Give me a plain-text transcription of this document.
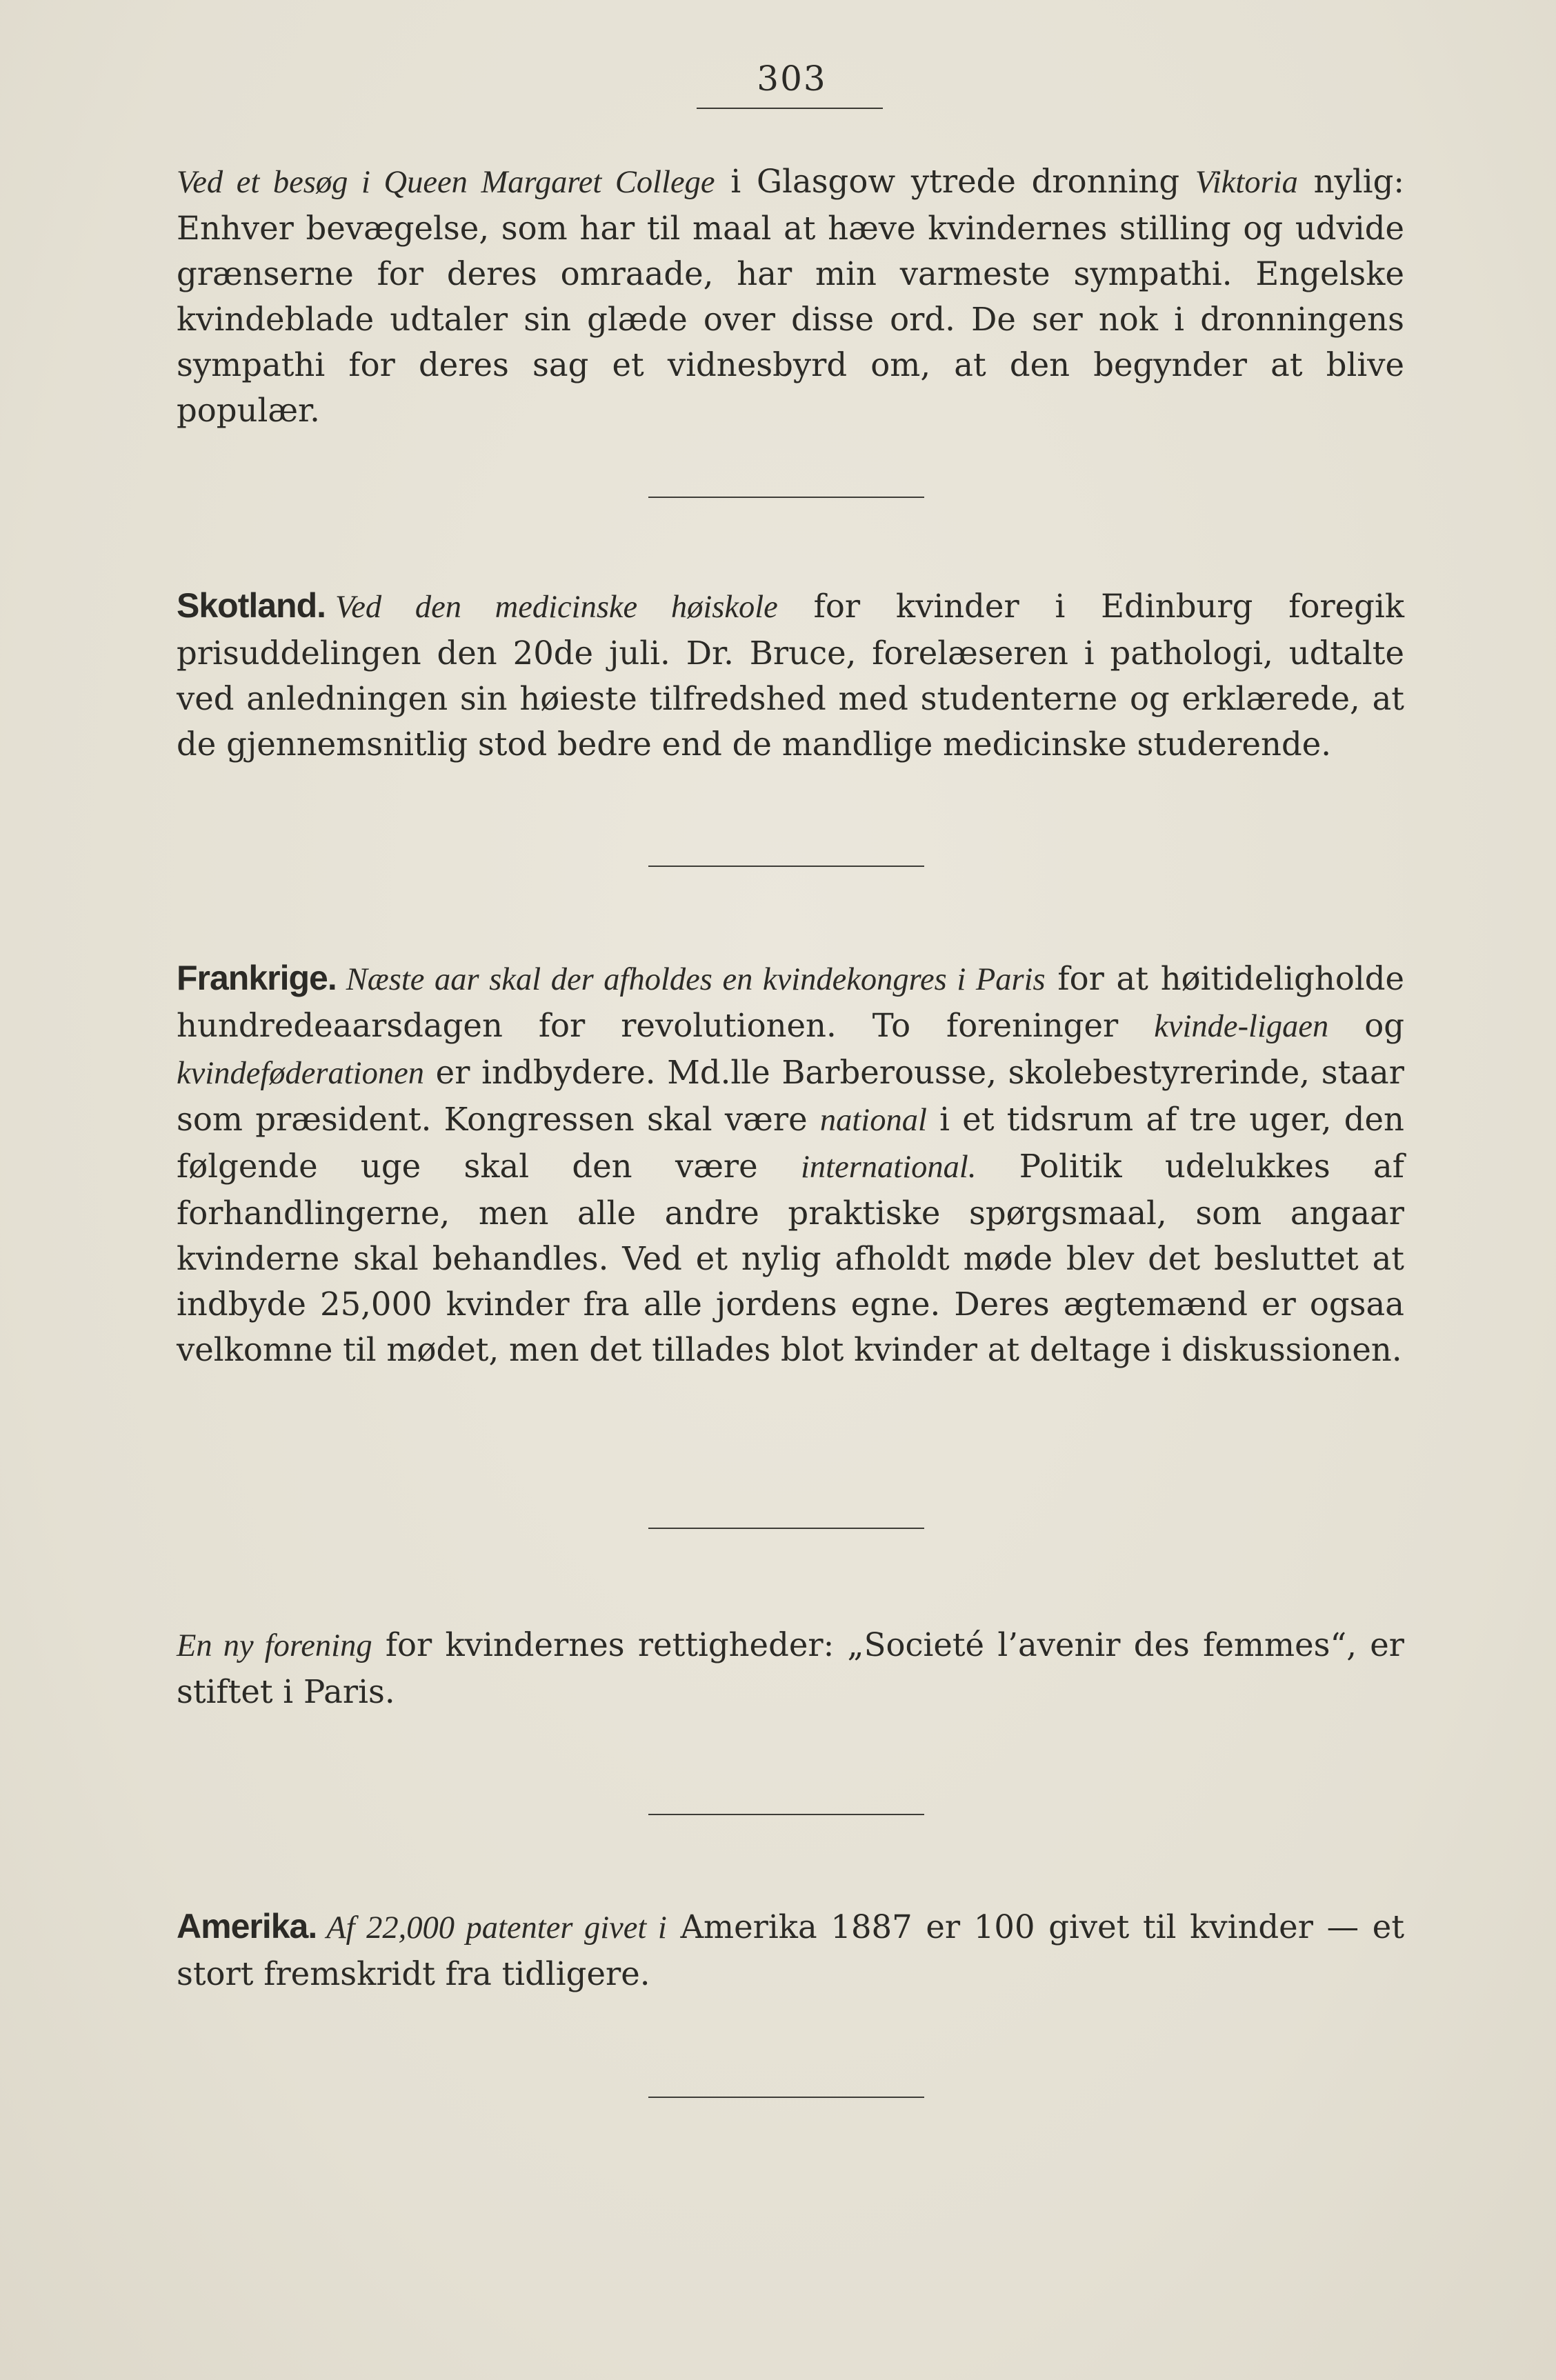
303

Ved et besøg i Queen Margaret College i Glasgow ytrede dronning Viktoria nylig: Enhver bevægelse, som har til maal at hæve kvindernes stilling og udvide grænserne for deres omraade, har min varmeste sympathi. Engelske kvindeblade udtaler sin glæde over disse ord. De ser nok i dronningens sympathi for deres sag et vidnesbyrd om, at den begynder at blive populær.

Skotland. Ved den medicinske høiskole for kvinder i Edinburg foregik prisuddelingen den 20de juli. Dr. Bruce, forelæseren i pathologi, udtalte ved anledningen sin høieste tilfredshed med studenterne og erklærede, at de gjennemsnitlig stod bedre end de mandlige medicinske studerende.

Frankrige. Næste aar skal der afholdes en kvindekongres i Paris for at høitideligholde hundredeaarsdagen for revolutionen. To foreninger kvinde-ligaen og kvindeføderationen er indbydere. Md.lle Barberousse, skolebestyrerinde, staar som præsident. Kongressen skal være national i et tidsrum af tre uger, den følgende uge skal den være international. Politik udelukkes af forhandlingerne, men alle andre praktiske spørgsmaal, som angaar kvinderne skal behandles. Ved et nylig afholdt møde blev det besluttet at indbyde 25,000 kvinder fra alle jordens egne. Deres ægtemænd er ogsaa velkomne til mødet, men det tillades blot kvinder at deltage i diskussionen.

En ny forening for kvindernes rettigheder: „Societé l’avenir des femmes“, er stiftet i Paris.

Amerika. Af 22,000 patenter givet i Amerika 1887 er 100 givet til kvinder — et stort fremskridt fra tidligere.
